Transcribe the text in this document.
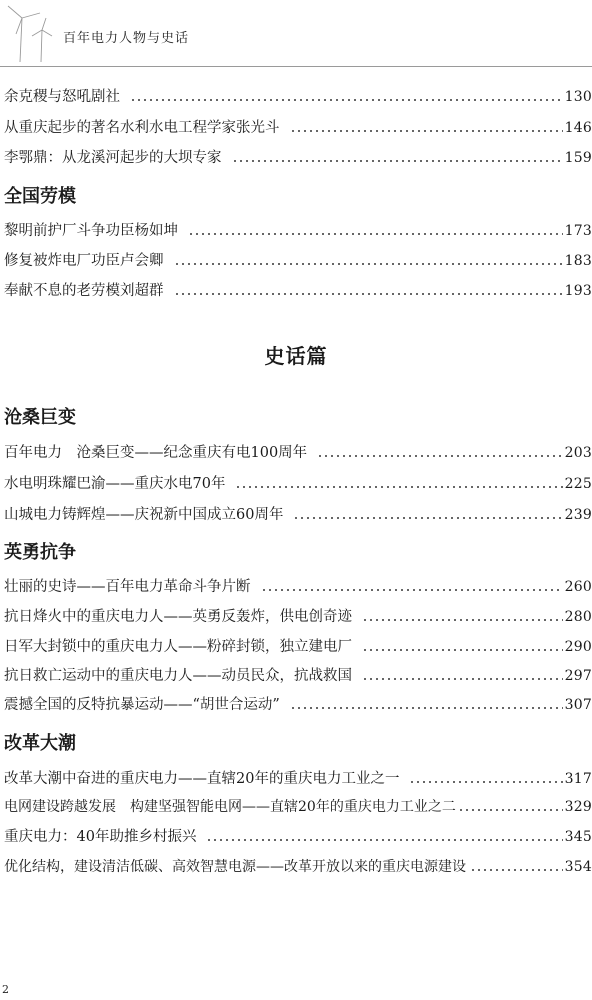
百年电力人物与史话
余克稷与怒吼剧社	130
从重庆起步的著名水利水电工程学家张光斗	146
李鄂鼎：从龙溪河起步的大坝专家	159
全国劳模
黎明前护厂斗争功臣杨如坤	173
修复被炸电厂功臣卢会卿	183
奉献不息的老劳模刘超群	193
史话篇
沧桑巨变
百年电力　沧桑巨变——纪念重庆有电100周年	203
水电明珠耀巴渝——重庆水电70年	225
山城电力铸辉煌——庆祝新中国成立60周年	239
英勇抗争
壮丽的史诗——百年电力革命斗争片断	260
抗日烽火中的重庆电力人——英勇反轰炸，供电创奇迹	280
日军大封锁中的重庆电力人——粉碎封锁，独立建电厂	290
抗日救亡运动中的重庆电力人——动员民众，抗战救国	297
震撼全国的反特抗暴运动——“胡世合运动”	307
改革大潮
改革大潮中奋进的重庆电力——直辖20年的重庆电力工业之一	317
电网建设跨越发展　构建坚强智能电网——直辖20年的重庆电力工业之二	329
重庆电力：40年助推乡村振兴	345
优化结构，建设清洁低碳、高效智慧电源——改革开放以来的重庆电源建设	354
2
